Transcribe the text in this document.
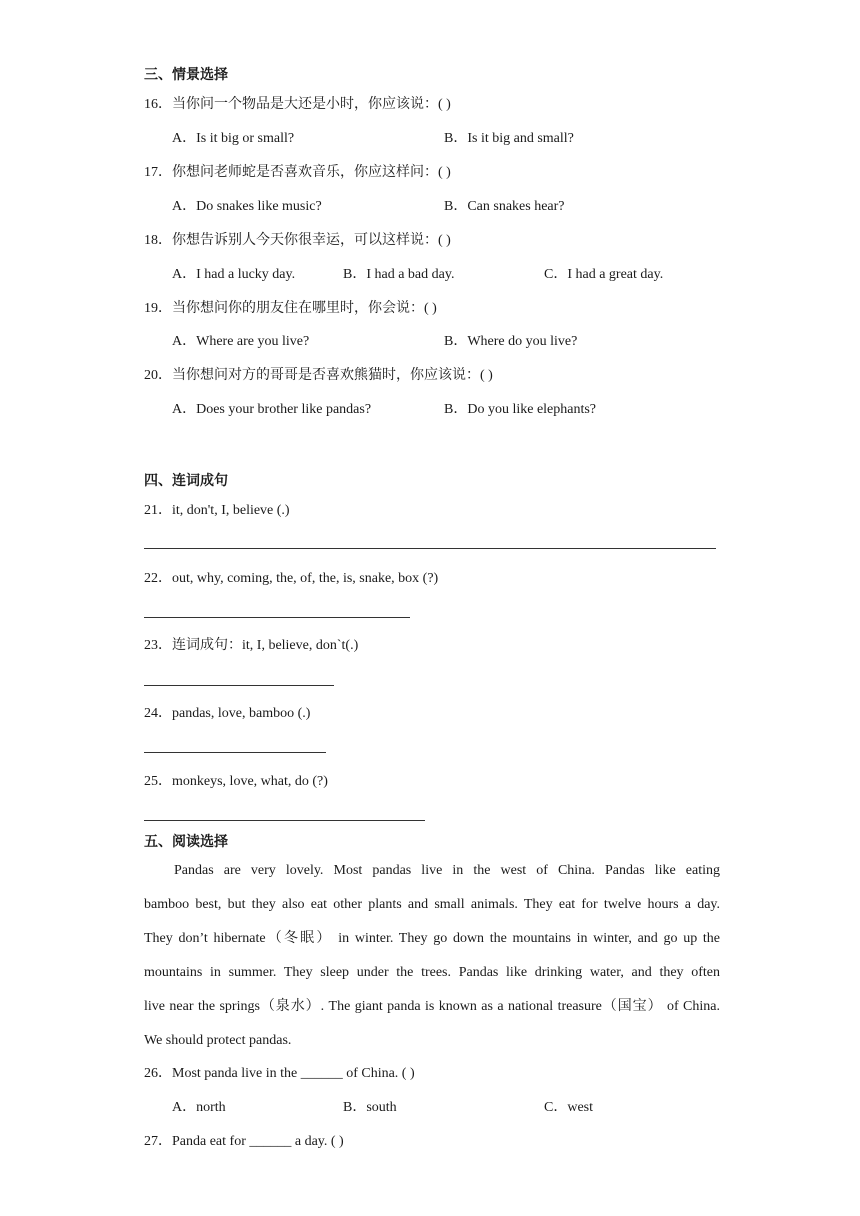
三、情景选择
16．当你问一个物品是大还是小时，你应该说：( )
A．Is it big or small?	B．Is it big and small?
17．你想问老师蛇是否喜欢音乐，你应这样问：( )
A．Do snakes like music?	B．Can snakes hear?
18．你想告诉别人今天你很幸运，可以这样说：( )
A．I had a lucky day.	B．I had a bad day.	C．I had a great day.
19．当你想问你的朋友住在哪里时，你会说：( )
A．Where are you live?	B．Where do you live?
20．当你想问对方的哥哥是否喜欢熊猫时，你应该说：( )
A．Does your brother like pandas?	B．Do you like elephants?
四、连词成句
21．it, don't, I, believe (.)
22．out, why, coming, the, of, the, is, snake, box (?)
23．连词成句：it, I, believe, don`t(.)
24．pandas, love, bamboo (.)
25．monkeys, love, what, do (?)
五、阅读选择
Pandas are very lovely. Most pandas live in the west of China. Pandas like eating
bamboo best, but they also eat other plants and small animals. They eat for twelve hours a day.
They don’t hibernate（冬眠） in winter. They go down the mountains in winter, and go up the
mountains in summer. They sleep under the trees. Pandas like drinking water, and they often
live near the springs（泉水）. The giant panda is known as a national treasure（国宝） of China.
We should protect pandas.
26．Most panda live in the ______ of China. ( )
A．north	B．south	C．west
27．Panda eat for ______ a day. ( )
